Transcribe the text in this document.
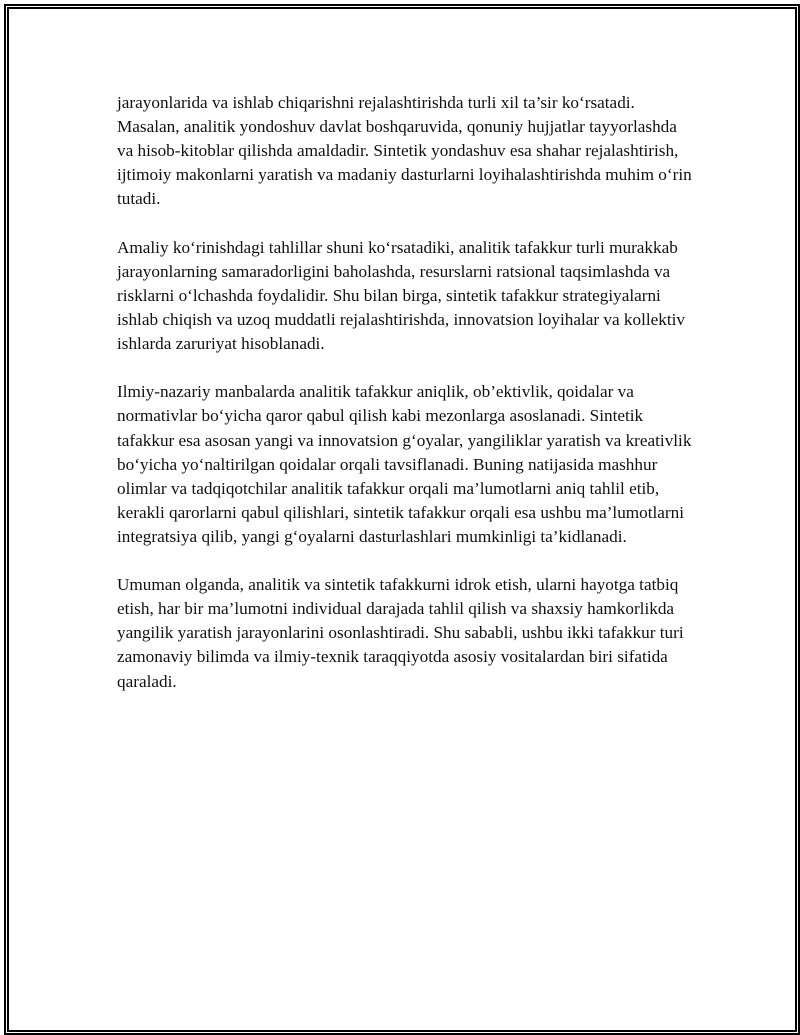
jarayonlarida va ishlab chiqarishni rejalashtirishda turli xil ta’sir ko‘rsatadi. Masalan, analitik yondoshuv davlat boshqaruvida, qonuniy hujjatlar tayyorlashda va hisob-kitoblar qilishda amaldadir. Sintetik yondashuv esa shahar rejalashtirish, ijtimoiy makonlarni yaratish va madaniy dasturlarni loyihalashtirishda muhim o‘rin tutadi.

Amaliy ko‘rinishdagi tahlillar shuni ko‘rsatadiki, analitik tafakkur turli murakkab jarayonlarning samaradorligini baholashda, resurslarni ratsional taqsimlashda va risklarni o‘lchashda foydalidir. Shu bilan birga, sintetik tafakkur strategiyalarni ishlab chiqish va uzoq muddatli rejalashtirishda, innovatsion loyihalar va kollektiv ishlarda zaruriyat hisoblanadi.

Ilmiy-nazariy manbalarda analitik tafakkur aniqlik, ob’ektivlik, qoidalar va normativlar bo‘yicha qaror qabul qilish kabi mezonlarga asoslanadi. Sintetik tafakkur esa asosan yangi va innovatsion g‘oyalar, yangiliklar yaratish va kreativlik bo‘yicha yo‘naltirilgan qoidalar orqali tavsiflanadi. Buning natijasida mashhur olimlar va tadqiqotchilar analitik tafakkur orqali ma’lumotlarni aniq tahlil etib, kerakli qarorlarni qabul qilishlari, sintetik tafakkur orqali esa ushbu ma’lumotlarni integratsiya qilib, yangi g‘oyalarni dasturlashlari mumkinligi ta’kidlanadi.

Umuman olganda, analitik va sintetik tafakkurni idrok etish, ularni hayotga tatbiq etish, har bir ma’lumotni individual darajada tahlil qilish va shaxsiy hamkorlikda yangilik yaratish jarayonlarini osonlashtiradi. Shu sababli, ushbu ikki tafakkur turi zamonaviy bilimda va ilmiy-texnik taraqqiyotda asosiy vositalardan biri sifatida qaraladi.
